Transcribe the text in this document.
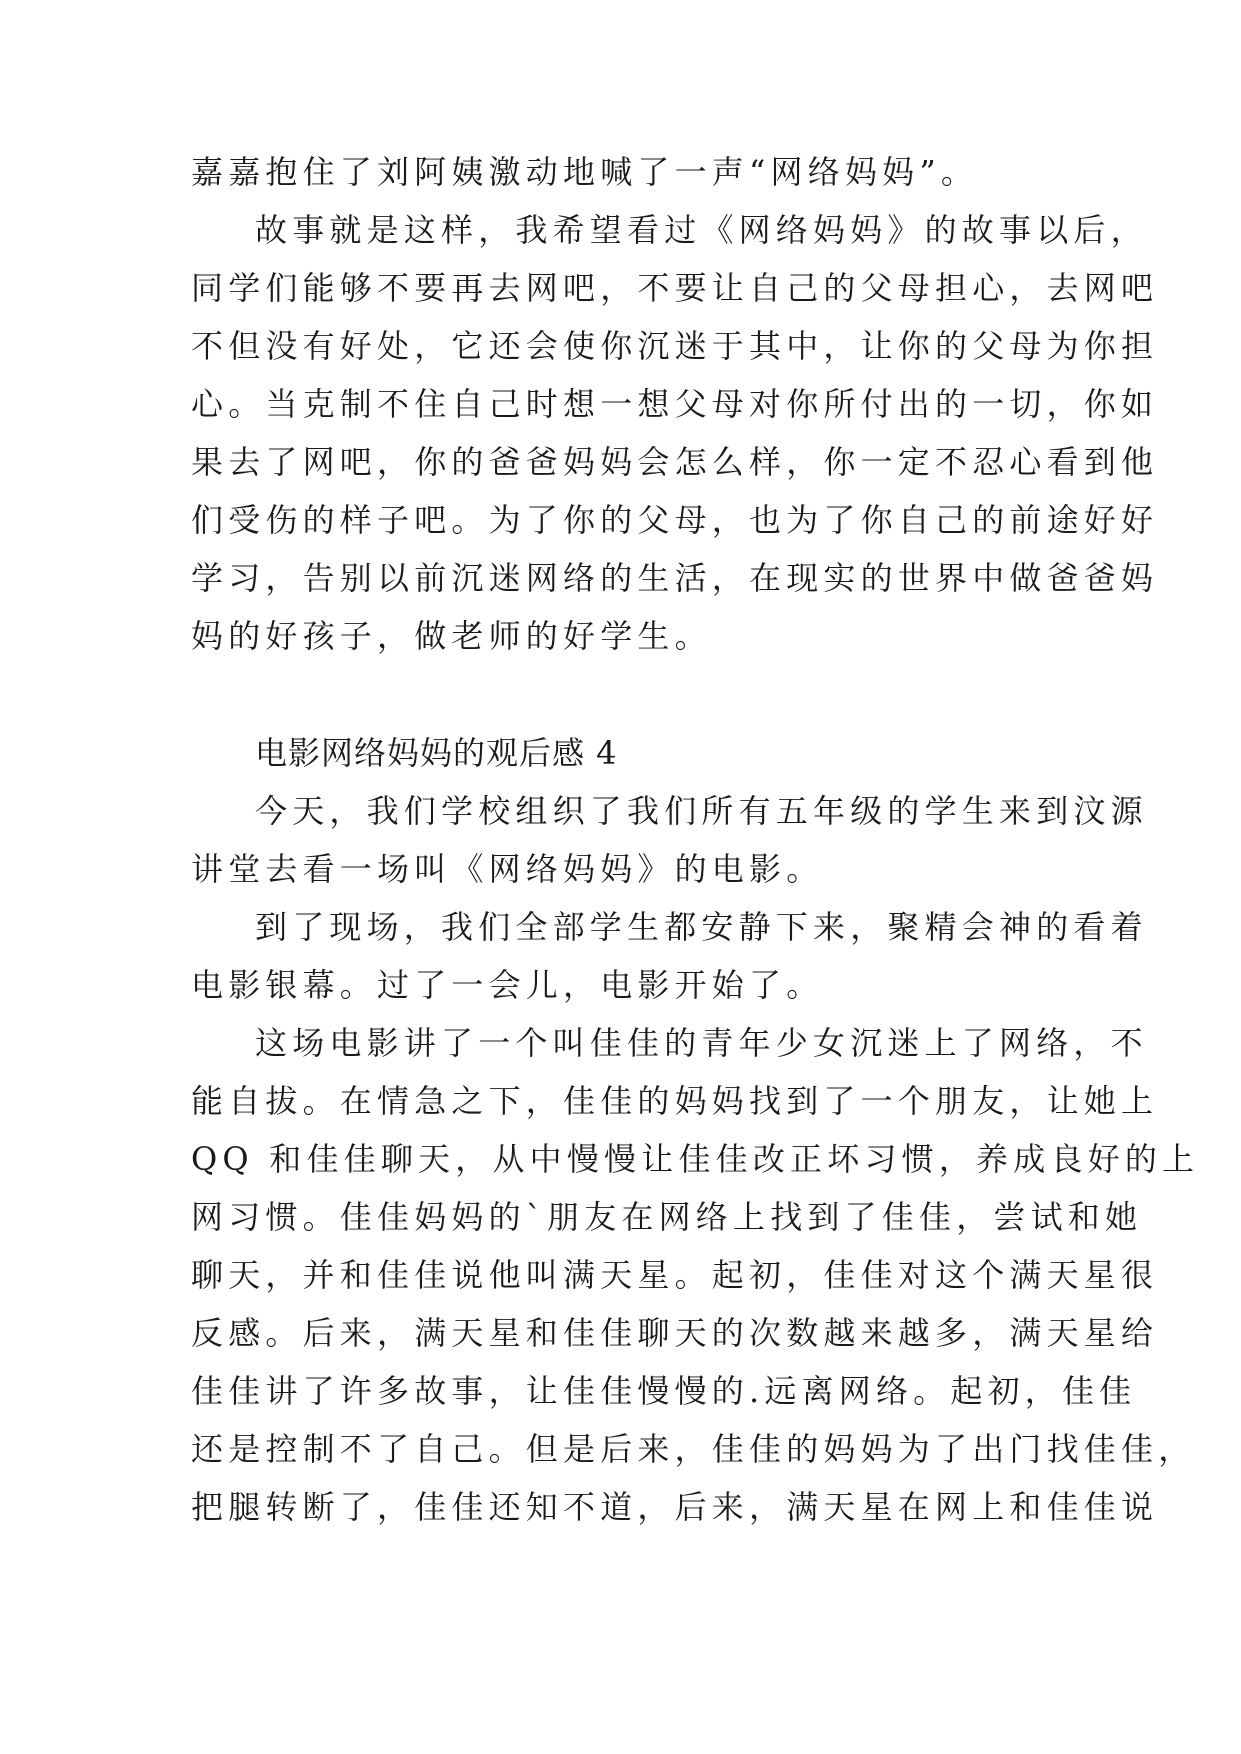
嘉嘉抱住了刘阿姨激动地喊了一声“网络妈妈”。
故事就是这样，我希望看过《网络妈妈》的故事以后，
同学们能够不要再去网吧，不要让自己的父母担心，去网吧
不但没有好处，它还会使你沉迷于其中，让你的父母为你担
心。当克制不住自己时想一想父母对你所付出的一切，你如
果去了网吧，你的爸爸妈妈会怎么样，你一定不忍心看到他
们受伤的样子吧。为了你的父母，也为了你自己的前途好好
学习，告别以前沉迷网络的生活，在现实的世界中做爸爸妈
妈的好孩子，做老师的好学生。
电影网络妈妈的观后感 4
今天，我们学校组织了我们所有五年级的学生来到汶源
讲堂去看一场叫《网络妈妈》的电影。
到了现场，我们全部学生都安静下来，聚精会神的看着
电影银幕。过了一会儿，电影开始了。
这场电影讲了一个叫佳佳的青年少女沉迷上了网络，不
能自拔。在情急之下，佳佳的妈妈找到了一个朋友，让她上
QQ 和佳佳聊天，从中慢慢让佳佳改正坏习惯，养成良好的上
网习惯。佳佳妈妈的`朋友在网络上找到了佳佳，尝试和她
聊天，并和佳佳说他叫满天星。起初，佳佳对这个满天星很
反感。后来，满天星和佳佳聊天的次数越来越多，满天星给
佳佳讲了许多故事，让佳佳慢慢的.远离网络。起初，佳佳
还是控制不了自己。但是后来，佳佳的妈妈为了出门找佳佳，
把腿转断了，佳佳还知不道，后来，满天星在网上和佳佳说
